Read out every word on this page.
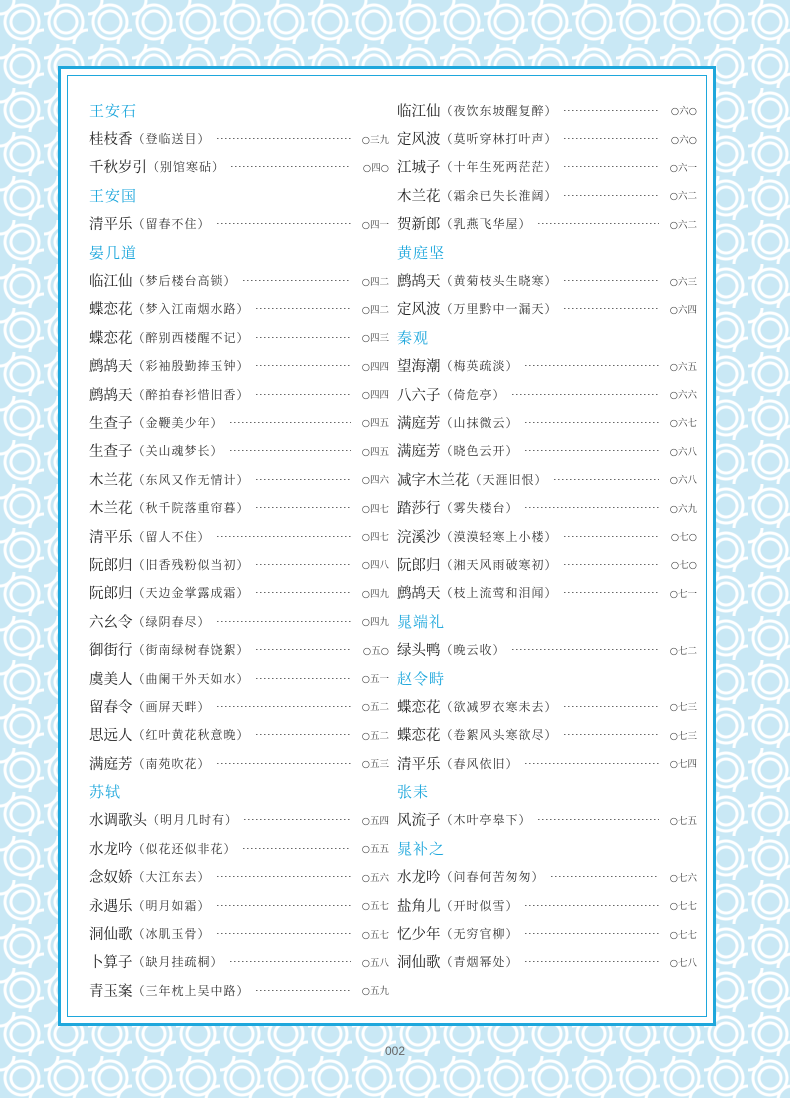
王安石
桂枝香 （ 登临送目 ）	○三九
千秋岁引 （ 别馆寒砧 ）	○四○
王安国
清平乐 （ 留春不住 ）	○四一
晏几道
临江仙 （ 梦后楼台高锁 ）	○四二
蝶恋花 （ 梦入江南烟水路 ）	○四二
蝶恋花 （ 醉别西楼醒不记 ）	○四三
鹧鸪天 （ 彩袖殷勤捧玉钟 ）	○四四
鹧鸪天 （ 醉拍春衫惜旧香 ）	○四四
生查子 （ 金鞭美少年 ）	○四五
生查子 （ 关山魂梦长 ）	○四五
木兰花 （ 东风又作无情计 ）	○四六
木兰花 （ 秋千院落重帘暮 ）	○四七
清平乐 （ 留人不住 ）	○四七
阮郎归 （ 旧香残粉似当初 ）	○四八
阮郎归 （ 天边金掌露成霜 ）	○四九
六幺令 （ 绿阴春尽 ）	○四九
御街行 （ 街南绿树春饶絮 ）	○五○
虞美人 （ 曲阑干外天如水 ）	○五一
留春令 （ 画屏天畔 ）	○五二
思远人 （ 红叶黄花秋意晚 ）	○五二
满庭芳 （ 南苑吹花 ）	○五三
苏轼
水调歌头 （ 明月几时有 ）	○五四
水龙吟 （ 似花还似非花 ）	○五五
念奴娇 （ 大江东去 ）	○五六
永遇乐 （ 明月如霜 ）	○五七
洞仙歌 （ 冰肌玉骨 ）	○五七
卜算子 （ 缺月挂疏桐 ）	○五八
青玉案 （ 三年枕上吴中路 ）	○五九
临江仙 （ 夜饮东坡醒复醉 ）	○六○
定风波 （ 莫听穿林打叶声 ）	○六○
江城子 （ 十年生死两茫茫 ）	○六一
木兰花 （ 霜余已失长淮阔 ）	○六二
贺新郎 （ 乳燕飞华屋 ）	○六二
黄庭坚
鹧鸪天 （ 黄菊枝头生晓寒 ）	○六三
定风波 （ 万里黔中一漏天 ）	○六四
秦观
望海潮 （ 梅英疏淡 ）	○六五
八六子 （ 倚危亭 ）	○六六
满庭芳 （ 山抹微云 ）	○六七
满庭芳 （ 晓色云开 ）	○六八
减字木兰花 （ 天涯旧恨 ）	○六八
踏莎行 （ 雾失楼台 ）	○六九
浣溪沙 （ 漠漠轻寒上小楼 ）	○七○
阮郎归 （ 湘天风雨破寒初 ）	○七○
鹧鸪天 （ 枝上流莺和泪闻 ）	○七一
晁端礼
绿头鸭 （ 晚云收 ）	○七二
赵令畤
蝶恋花 （ 欲减罗衣寒未去 ）	○七三
蝶恋花 （ 卷絮风头寒欲尽 ）	○七三
清平乐 （ 春风依旧 ）	○七四
张耒
风流子 （ 木叶亭皋下 ）	○七五
晁补之
水龙吟 （ 问春何苦匆匆 ）	○七六
盐角儿 （ 开时似雪 ）	○七七
忆少年 （ 无穷官柳 ）	○七七
洞仙歌 （ 青烟幂处 ）	○七八
002
